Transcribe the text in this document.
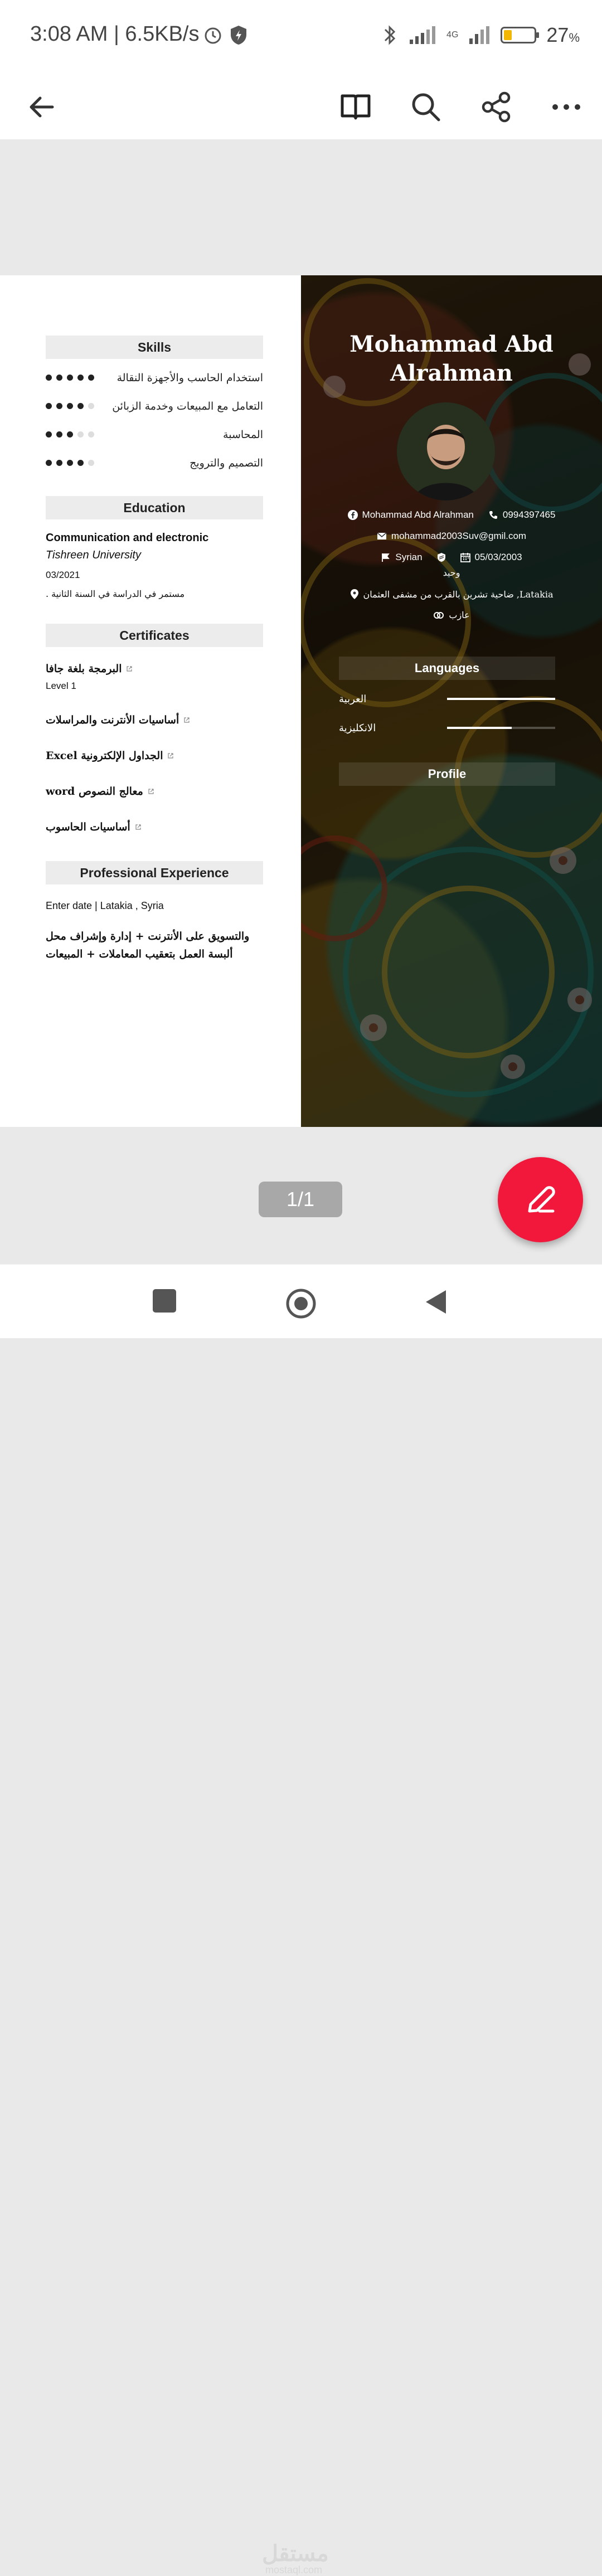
3:08 AM | 6.5KB/s	4G	27%
Skills
استخدام الحاسب والأجهزة النقالة
التعامل مع المبيعات وخدمة الزبائن
المحاسبة
التصميم والترويج
Education
Communication and electronic
Tishreen University
03/2021
مستمر في الدراسة في السنة الثانية .
Certificates
البرمجة بلغة جافا
Level 1
أساسيات الأنترنت والمراسلات
الجداول الإلكترونية Excel
معالج النصوص word
أساسيات الحاسوب
Professional Experience
Enter date | Latakia , Syria
والتسويق على الأنترنت + إدارة وإشراف محل ألبسة العمل بتعقيب المعاملات + المبيعات
Mohammad Abd Alrahman
Mohammad Abd Alrahman	0994397465
mohammad2003Suv@gmil.com
Syrian	05/03/2003
وحيد
ضاحية تشرين بالقرب من مشفى العثمان ,Latakia
عازب
Languages
العربية
الانكليزية
Profile
1/1
مستقل
mostaql.com
